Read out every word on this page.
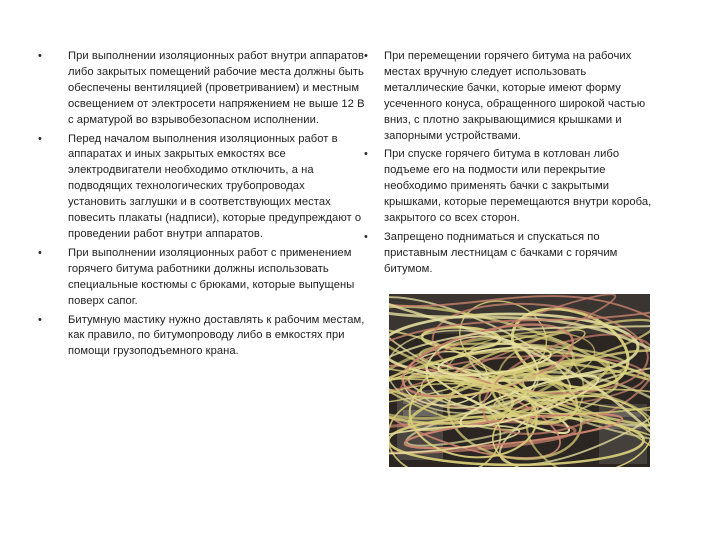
•	При выполнении изоляционных работ внутри аппаратов либо закрытых помещений рабочие места должны быть обеспечены вентиляцией (проветриванием) и местным освещением от электросети напряжением не выше 12 В с арматурой во взрывобезопасном исполнении.
•	Перед началом выполнения изоляционных работ в аппаратах и иных закрытых емкостях все электродвигатели необходимо отключить, а на подводящих технологических трубопроводах установить заглушки и в соответствующих местах повесить плакаты (надписи), которые предупреждают о проведении работ внутри аппаратов.
•	При выполнении изоляционных работ с применением горячего битума работники должны использовать специальные костюмы с брюками, которые выпущены поверх сапог.
•	Битумную мастику нужно доставлять к рабочим местам, как правило, по битумопроводу либо в емкостях при помощи грузоподъемного крана.
•	При перемещении горячего битума на рабочих местах вручную следует использовать металлические бачки, которые имеют форму усеченного конуса, обращенного широкой частью вниз, с плотно закрывающимися крышками и запорными устройствами.
•	При спуске горячего битума в котлован либо подъеме его на подмости или перекрытие необходимо применять бачки с закрытыми крышками, которые перемещаются внутри короба, закрытого со всех сторон.
•	Запрещено подниматься и спускаться по приставным лестницам с бачками с горячим битумом.
